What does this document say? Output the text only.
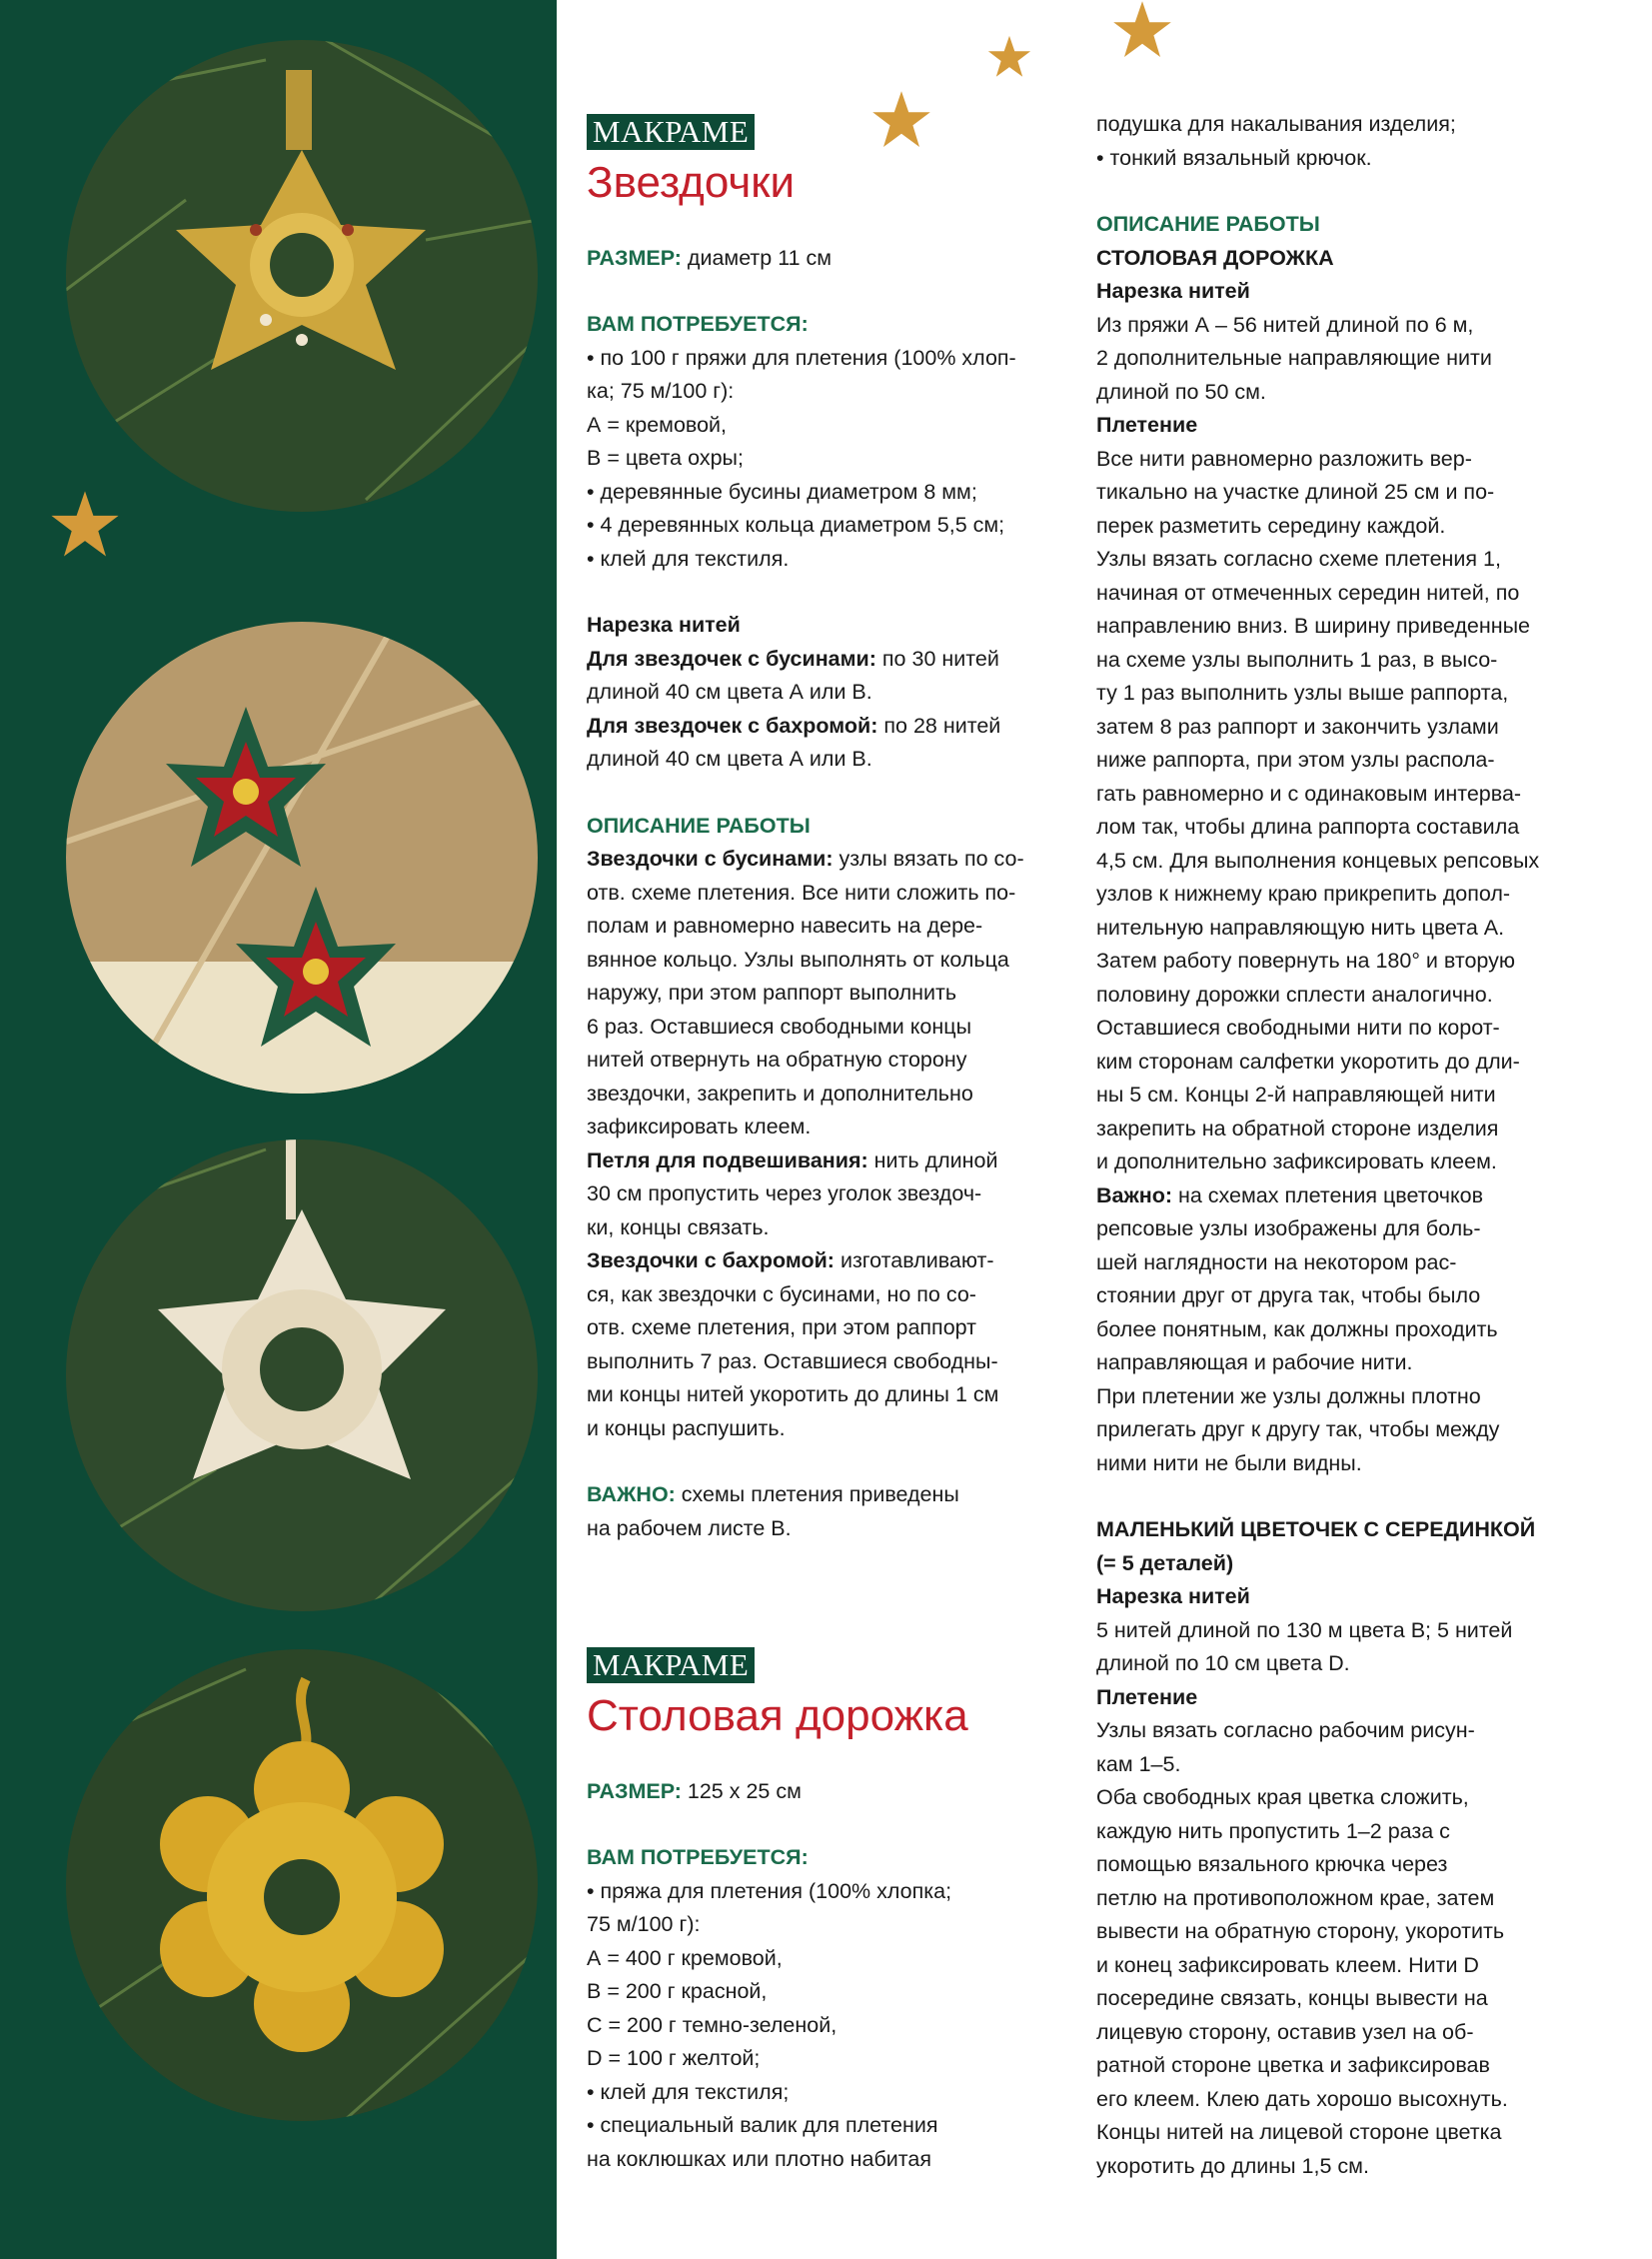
МАКРАМЕ
Звездочки

РАЗМЕР: диаметр 11 см

ВАМ ПОТРЕБУЕТСЯ:

• по 100 г пряжи для плетения (100% хлоп-

ка; 75 м/100 г):

А = кремовой,

В = цвета охры;

• деревянные бусины диаметром 8 мм;

• 4 деревянных кольца диаметром 5,5 см;

• клей для текстиля.

Нарезка нитей

Для звездочек с бусинами: по 30 нитей

длиной 40 см цвета А или В.

Для звездочек с бахромой: по 28 нитей

длиной 40 см цвета А или В.

ОПИСАНИЕ РАБОТЫ

Звездочки с бусинами: узлы вязать по со-

отв. схеме плетения. Все нити сложить по-

полам и равномерно навесить на дере-

вянное кольцо. Узлы выполнять от кольца

наружу, при этом раппорт выполнить

6 раз. Оставшиеся свободными концы

нитей отвернуть на обратную сторону

звездочки, закрепить и дополнительно

зафиксировать клеем.

Петля для подвешивания: нить длиной

30 см пропустить через уголок звездоч-

ки, концы связать.

Звездочки с бахромой: изготавливают-

ся, как звездочки с бусинами, но по со-

отв. схеме плетения, при этом раппорт

выполнить 7 раз. Оставшиеся свободны-

ми концы нитей укоротить до длины 1 см

и концы распушить.

ВАЖНО: схемы плетения приведены

на рабочем листе В.

МАКРАМЕ
Столовая дорожка

РАЗМЕР: 125 х 25 см

ВАМ ПОТРЕБУЕТСЯ:

• пряжа для плетения (100% хлопка;

75 м/100 г):

А = 400 г кремовой,

В = 200 г красной,

С = 200 г темно-зеленой,

D = 100 г желтой;

• клей для текстиля;

• специальный валик для плетения

на коклюшках или плотно набитая

подушка для накалывания изделия;

• тонкий вязальный крючок.

ОПИСАНИЕ РАБОТЫ

СТОЛОВАЯ ДОРОЖКА

Нарезка нитей

Из пряжи А – 56 нитей длиной по 6 м,

2 дополнительные направляющие нити

длиной по 50 см.

Плетение

Все нити равномерно разложить вер-

тикально на участке длиной 25 см и по-

перек разметить середину каждой.

Узлы вязать согласно схеме плетения 1,

начиная от отмеченных середин нитей, по

направлению вниз. В ширину приведенные

на схеме узлы выполнить 1 раз, в высо-

ту 1 раз выполнить узлы выше раппорта,

затем 8 раз раппорт и закончить узлами

ниже раппорта, при этом узлы распола-

гать равномерно и с одинаковым интерва-

лом так, чтобы длина раппорта составила

4,5 см. Для выполнения концевых репсовых

узлов к нижнему краю прикрепить допол-

нительную направляющую нить цвета А.

Затем работу повернуть на 180° и вторую

половину дорожки сплести аналогично.

Оставшиеся свободными нити по корот-

ким сторонам салфетки укоротить до дли-

ны 5 см. Концы 2-й направляющей нити

закрепить на обратной стороне изделия

и дополнительно зафиксировать клеем.

Важно: на схемах плетения цветочков

репсовые узлы изображены для боль-

шей наглядности на некотором рас-

стоянии друг от друга так, чтобы было

более понятным, как должны проходить

направляющая и рабочие нити.

При плетении же узлы должны плотно

прилегать друг к другу так, чтобы между

ними нити не были видны.

МАЛЕНЬКИЙ ЦВЕТОЧЕК С СЕРЕДИНКОЙ

(= 5 деталей)

Нарезка нитей

5 нитей длиной по 130 м цвета В; 5 нитей

длиной по 10 см цвета D.

Плетение

Узлы вязать согласно рабочим рисун-

кам 1–5.

Оба свободных края цветка сложить,

каждую нить пропустить 1–2 раза с

помощью вязального крючка через

петлю на противоположном крае, затем

вывести на обратную сторону, укоротить

и конец зафиксировать клеем. Нити D

посередине связать, концы вывести на

лицевую сторону, оставив узел на об-

ратной стороне цветка и зафиксировав

его клеем. Клею дать хорошо высохнуть.

Концы нитей на лицевой стороне цветка

укоротить до длины 1,5 см.
